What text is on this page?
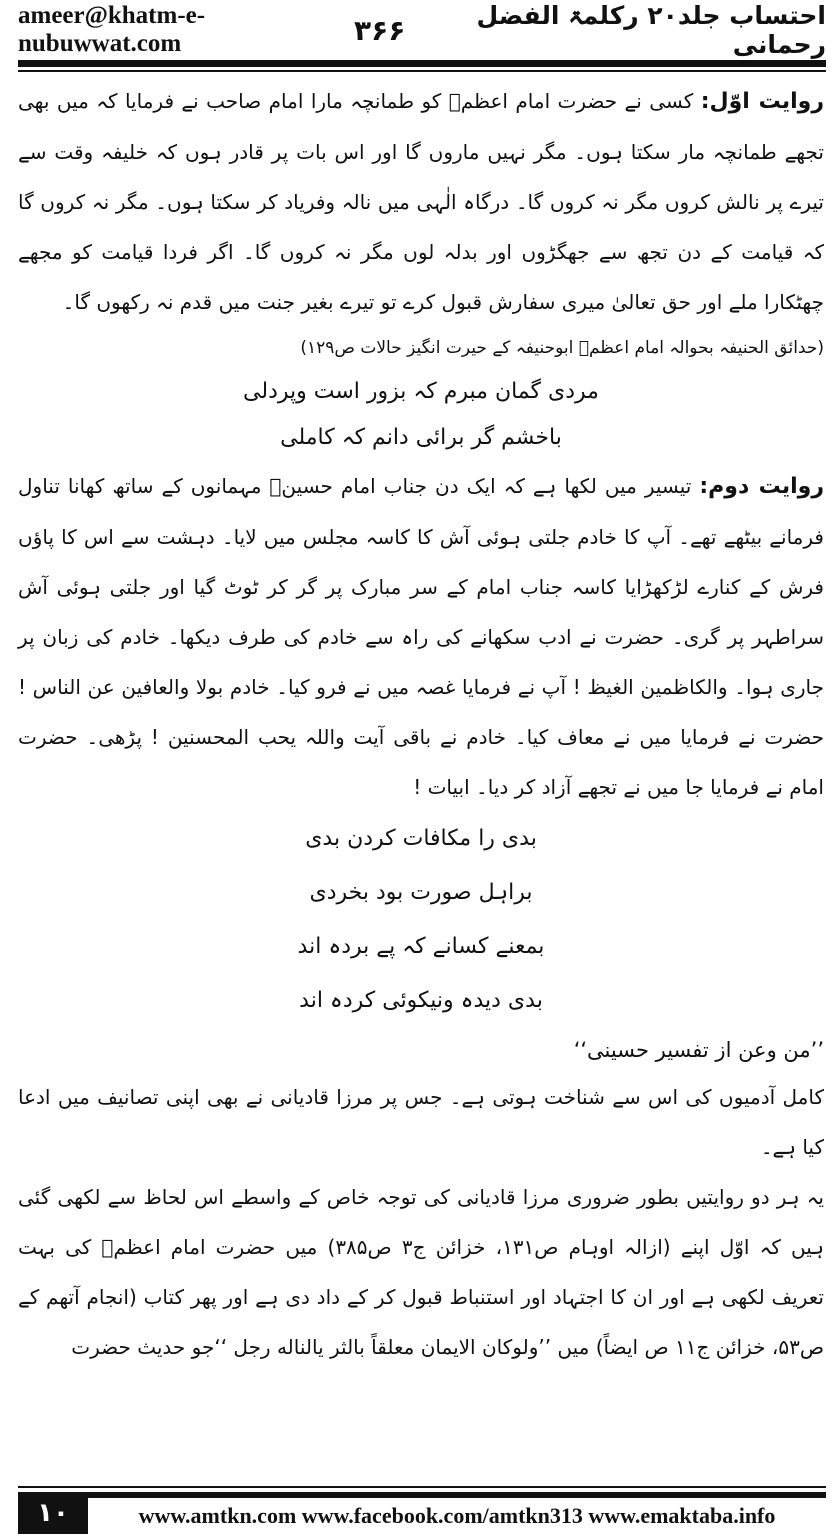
ameer@khatm-e-nubuwwat.com	۳۶۶	احتساب جلد۲۰ رکلمۃ الفضل رحمانی

روایت اوّل: کسی نے حضرت امام اعظمؒ کو طمانچہ مارا امام صاحب نے فرمایا کہ میں بھی تجھے طمانچہ مار سکتا ہوں۔ مگر نہیں ماروں گا اور اس بات پر قادر ہوں کہ خلیفہ وقت سے تیرے پر نالش کروں مگر نہ کروں گا۔ درگاہ الٰہی میں نالہ وفریاد کر سکتا ہوں۔ مگر نہ کروں گا کہ قیامت کے دن تجھ سے جھگڑوں اور بدلہ لوں مگر نہ کروں گا۔ اگر فردا قیامت کو مجھے چھٹکارا ملے اور حق تعالیٰ میری سفارش قبول کرے تو تیرے بغیر جنت میں قدم نہ رکھوں گا۔

(حدائق الحنیفہ بحوالہ امام اعظمؒ ابوحنیفہ کے حیرت انگیز حالات ص۱۲۹)

مردی گمان مبرم کہ بزور است وپردلی

باخشم گر برائی دانم کہ کاملی

روایت دوم: تیسیر میں لکھا ہے کہ ایک دن جناب امام حسینؓ مہمانوں کے ساتھ کھانا تناول فرمانے بیٹھے تھے۔ آپ کا خادم جلتی ہوئی آش کا کاسہ مجلس میں لایا۔ دہشت سے اس کا پاؤں فرش کے کنارے لڑکھڑایا کاسہ جناب امام کے سر مبارک پر گر کر ٹوٹ گیا اور جلتی ہوئی آش سراطہر پر گری۔ حضرت نے ادب سکھانے کی راہ سے خادم کی طرف دیکھا۔ خادم کی زبان پر جاری ہوا۔ والکاظمین الغیظ ! آپ نے فرمایا غصہ میں نے فرو کیا۔ خادم بولا والعافین عن الناس ! حضرت نے فرمایا میں نے معاف کیا۔ خادم نے باقی آیت واللہ یحب المحسنین ! پڑھی۔ حضرت امام نے فرمایا جا میں نے تجھے آزاد کر دیا۔ ابیات !

بدی را مکافات کردن بدی

براہل صورت بود بخردی

بمعنے کسانے کہ پے بردہ اند

بدی دیدہ ونیکوئی کردہ اند

’’من وعن از تفسیر حسینی‘‘

کامل آدمیوں کی اس سے شناخت ہوتی ہے۔ جس پر مرزا قادیانی نے بھی اپنی تصانیف میں ادعا کیا ہے۔

یہ ہر دو روایتیں بطور ضروری مرزا قادیانی کی توجہ خاص کے واسطے اس لحاظ سے لکھی گئی ہیں کہ اوّل اپنے (ازالہ اوہام ص۱۳۱، خزائن ج۳ ص۳۸۵) میں حضرت امام اعظمؒ کی بہت تعریف لکھی ہے اور ان کا اجتہاد اور استنباط قبول کر کے داد دی ہے اور پھر کتاب (انجام آتھم کے ص۵۳، خزائن ج۱۱ ص ایضاً) میں ’’ولوکان الایمان معلقاً بالثر یالناله رجل ‘‘جو حدیث حضرت

۱۰	www.amtkn.com www.facebook.com/amtkn313 www.emaktaba.info
